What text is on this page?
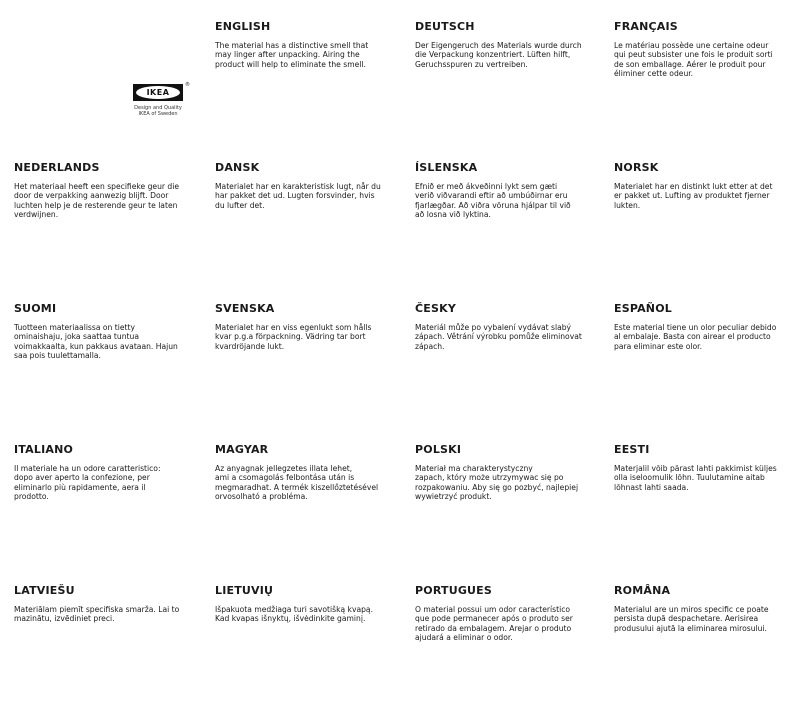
IKEA
®
Design and Quality
IKEA of Sweden
ENGLISH

The material has a distinctive smell that
may linger after unpacking. Airing the
product will help to eliminate the smell.

DEUTSCH

Der Eigengeruch des Materials wurde durch
die Verpackung konzentriert. Lüften hilft,
Geruchsspuren zu vertreiben.

FRANÇAIS

Le matériau possède une certaine odeur
qui peut subsister une fois le produit sorti
de son emballage. Aérer le produit pour
éliminer cette odeur.

NEDERLANDS

Het materiaal heeft een specifieke geur die
door de verpakking aanwezig blijft. Door
luchten help je de resterende geur te laten
verdwijnen.

DANSK

Materialet har en karakteristisk lugt, når du
har pakket det ud. Lugten forsvinder, hvis
du lufter det.

ÍSLENSKA

Efnið er með ákveðinni lykt sem gæti
verið viðvarandi eftir að umbúðirnar eru
fjarlægðar. Að viðra vöruna hjálpar til við
að losna við lyktina.

NORSK

Materialet har en distinkt lukt etter at det
er pakket ut. Lufting av produktet fjerner
lukten.

SUOMI

Tuotteen materiaalissa on tietty
ominaishaju, joka saattaa tuntua
voimakkaalta, kun pakkaus avataan. Hajun
saa pois tuulettamalla.

SVENSKA

Materialet har en viss egenlukt som hålls
kvar p.g.a förpackning. Vädring tar bort
kvardröjande lukt.

ČESKY

Materiál může po vybalení vydávat slabý
zápach. Větrání výrobku pomůže eliminovat
zápach.

ESPAÑOL

Este material tiene un olor peculiar debido
al embalaje. Basta con airear el producto
para eliminar este olor.

ITALIANO

Il materiale ha un odore caratteristico:
dopo aver aperto la confezione, per
eliminarlo più rapidamente, aera il
prodotto.

MAGYAR

Az anyagnak jellegzetes illata lehet,
ami a csomagolás felbontása után is
megmaradhat. A termék kiszellőztetésével
orvosolható a probléma.

POLSKI

Materiał ma charakterystyczny
zapach, który może utrzymywac się po
rozpakowaniu. Aby się go pozbyć, najlepiej
wywietrzyć produkt.

EESTI

Materjalil võib pärast lahti pakkimist küljes
olla iseloomulik lõhn. Tuulutamine aitab
lõhnast lahti saada.

LATVIEŠU

Materiālam piemīt specifiska smarža. Lai to
mazinātu, izvēdiniet preci.

LIETUVIŲ

Išpakuota medžiaga turi savotišką kvapą.
Kad kvapas išnyktų, išvėdinkite gaminį.

PORTUGUES

O material possui um odor característico
que pode permanecer após o produto ser
retirado da embalagem. Arejar o produto
ajudará a eliminar o odor.

ROMÂNA

Materialul are un miros specific ce poate
persista după despachetare. Aerisirea
produsului ajută la eliminarea mirosului.
